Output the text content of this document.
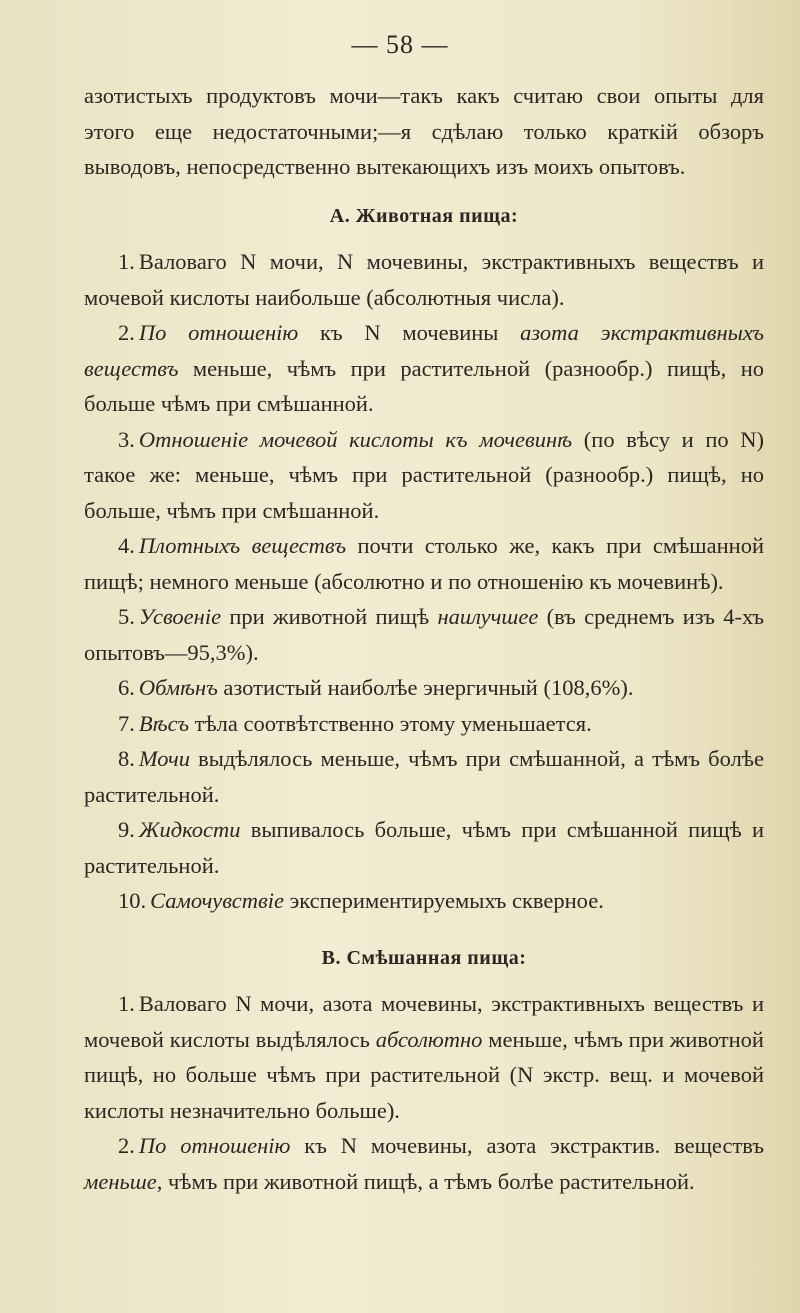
— 58 —

азотистыхъ продуктовъ мочи—такъ какъ считаю свои опыты для этого еще недостаточными;—я сдѣлаю только краткій обзоръ выводовъ, непосредственно вытекающихъ изъ моихъ опытовъ.

А. Животная пища:

1. Валоваго N мочи, N мочевины, экстрактивныхъ веществъ и мочевой кислоты наибольше (абсолютныя числа).

2. По отношенію къ N мочевины азота экстрактивныхъ веществъ меньше, чѣмъ при растительной (разнообр.) пищѣ, но больше чѣмъ при смѣшанной.

3. Отношеніе мочевой кислоты къ мочевинѣ (по вѣсу и по N) такое же: меньше, чѣмъ при растительной (разнообр.) пищѣ, но больше, чѣмъ при смѣшанной.

4. Плотныхъ веществъ почти столько же, какъ при смѣшанной пищѣ; немного меньше (абсолютно и по отношенію къ мочевинѣ).

5. Усвоеніе при животной пищѣ наилучшее (въ среднемъ изъ 4-хъ опытовъ—95,3%).

6. Обмѣнъ азотистый наиболѣе энергичный (108,6%).

7. Вѣсъ тѣла соотвѣтственно этому уменьшается.

8. Мочи выдѣлялось меньше, чѣмъ при смѣшанной, а тѣмъ болѣе растительной.

9. Жидкости выпивалось больше, чѣмъ при смѣшанной пищѣ и растительной.

10. Самочувствіе экспериментируемыхъ скверное.

В. Смѣшанная пища:

1. Валоваго N мочи, азота мочевины, экстрактивныхъ веществъ и мочевой кислоты выдѣлялось абсолютно меньше, чѣмъ при животной пищѣ, но больше чѣмъ при растительной (N экстр. вещ. и мочевой кислоты незначительно больше).

2. По отношенію къ N мочевины, азота экстрактив. веществъ меньше, чѣмъ при животной пищѣ, а тѣмъ болѣе растительной.
